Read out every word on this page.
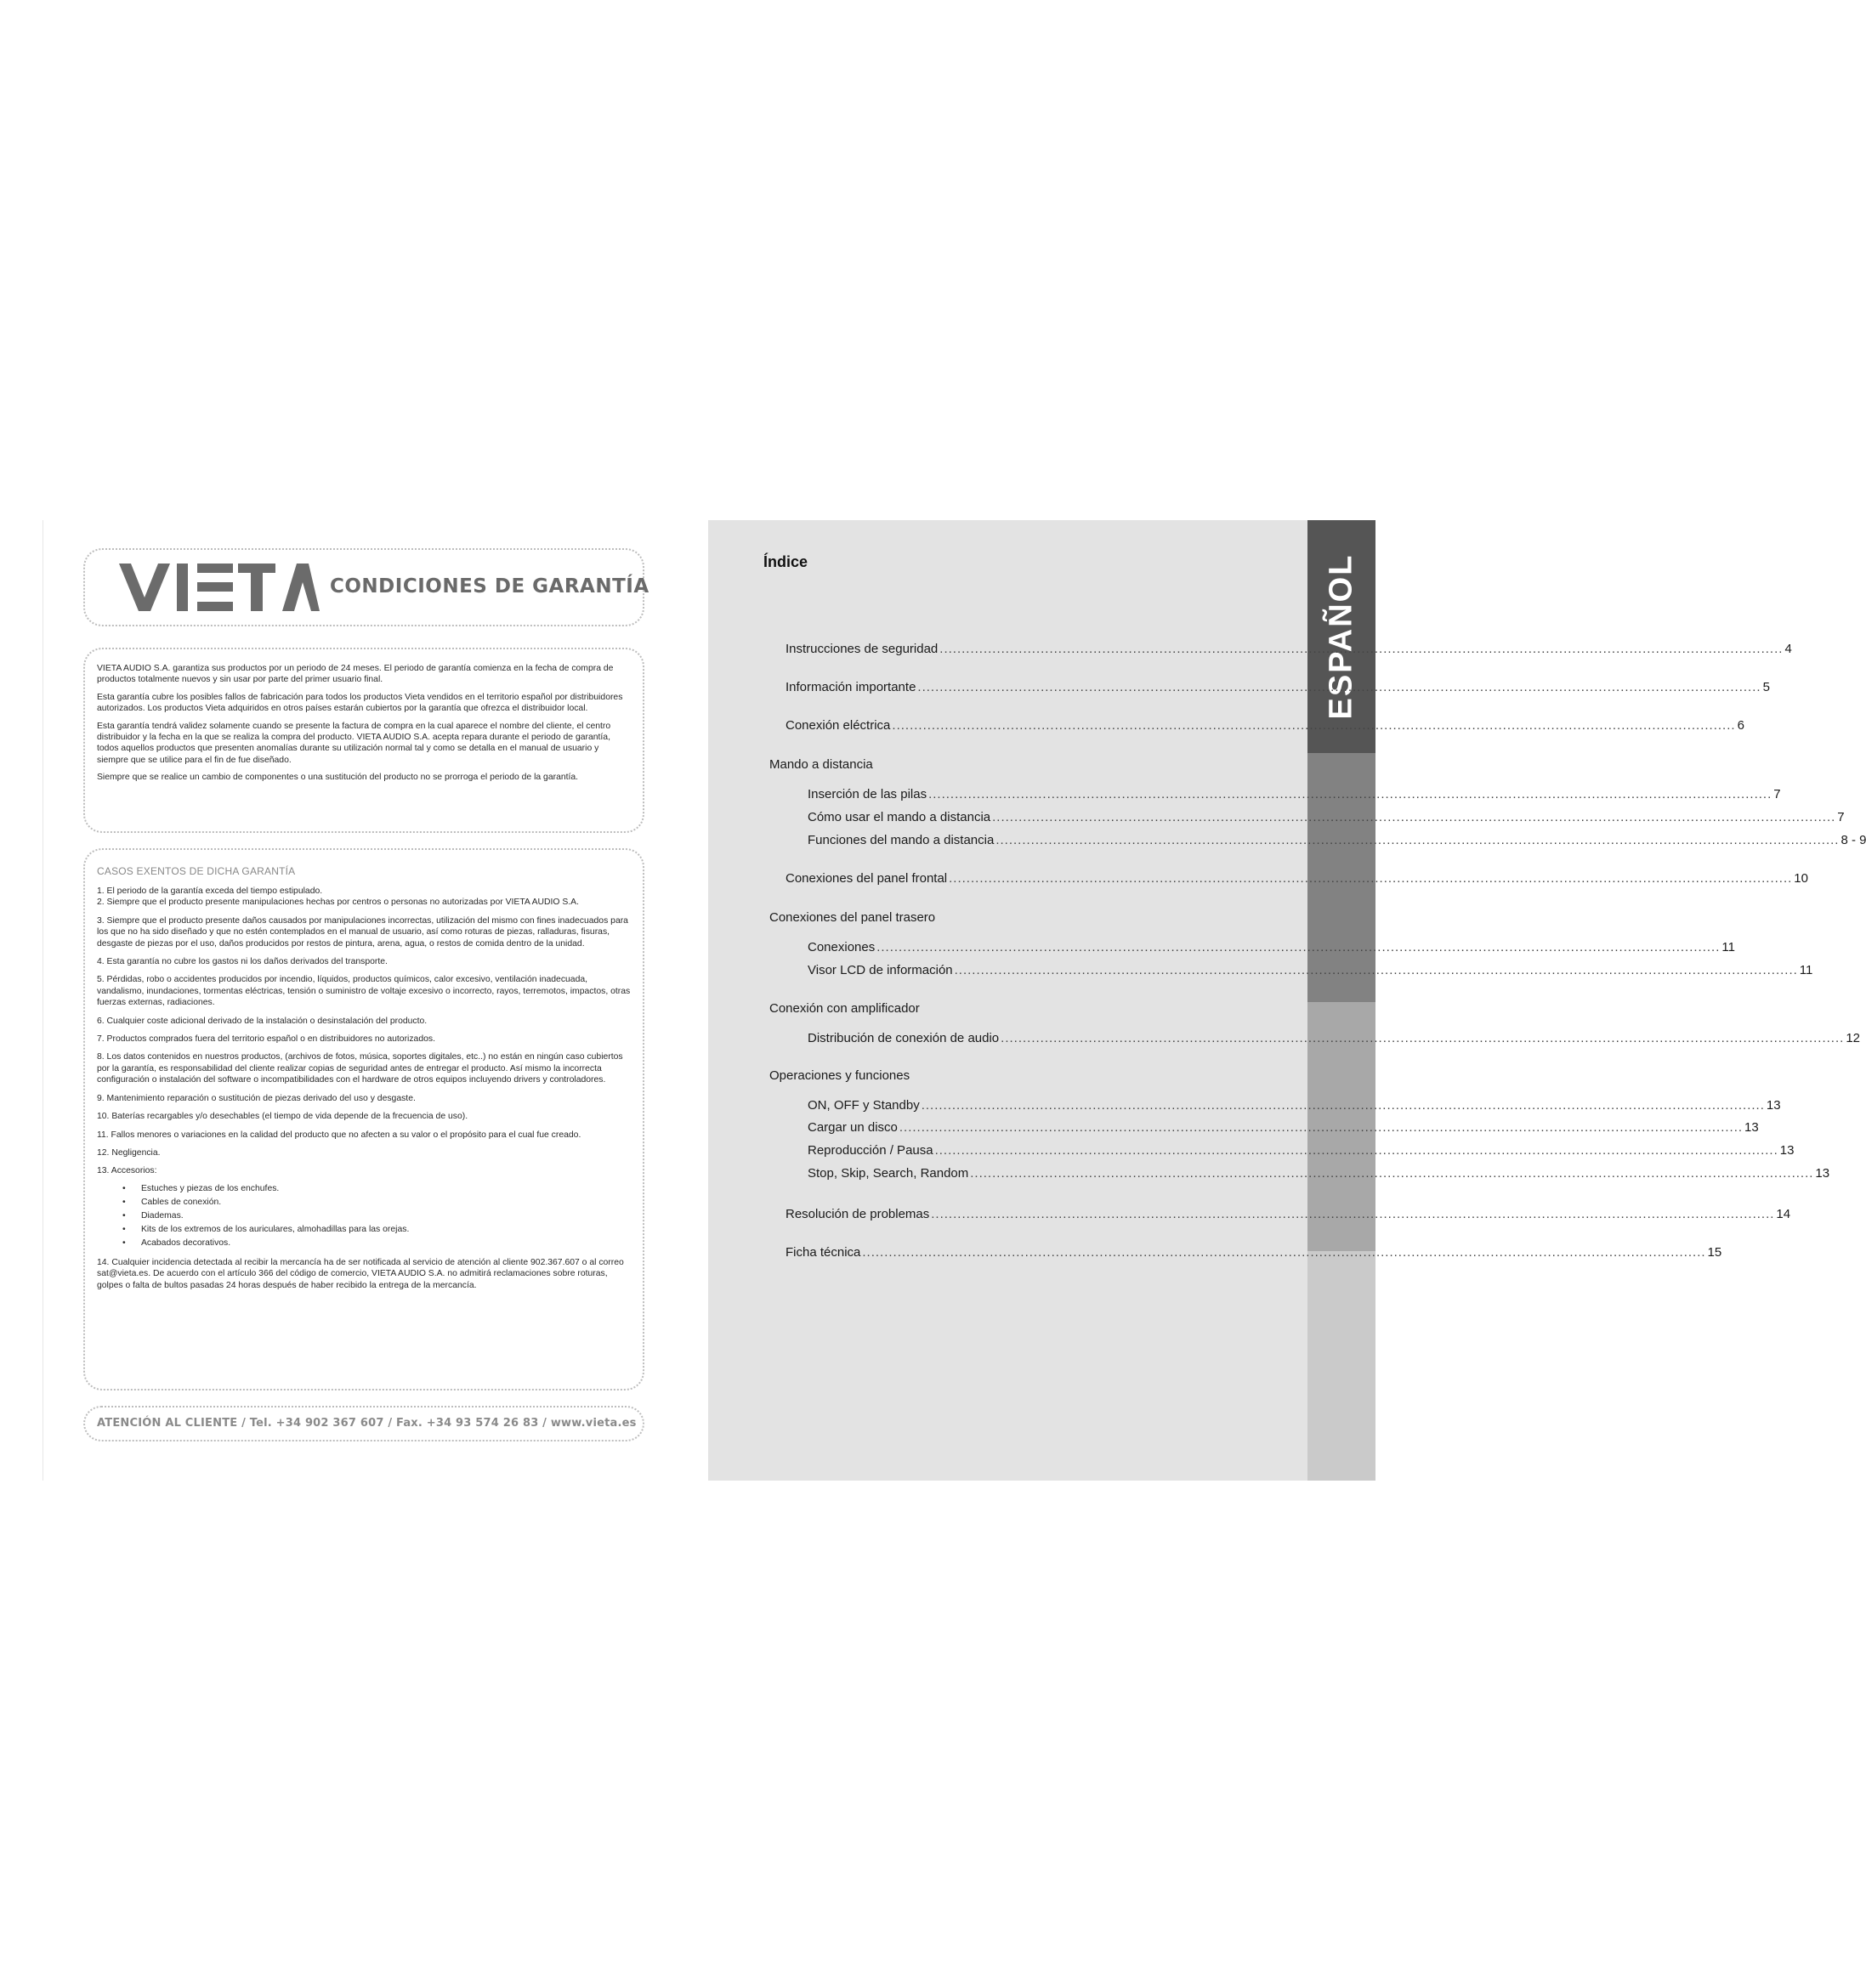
CONDICIONES DE GARANTÍA

VIETA AUDIO S.A. garantiza sus productos por un periodo de 24 meses. El periodo de garantía comienza en la fecha de compra de productos totalmente nuevos y sin usar por parte del primer usuario final.

Esta garantía cubre los posibles fallos de fabricación para todos los productos Vieta vendidos en el territorio español por distribuidores autorizados. Los productos Vieta adquiridos en otros países estarán cubiertos por la garantía que ofrezca el distribuidor local.

Esta garantía tendrá validez solamente cuando se presente la factura de compra en la cual aparece el nombre del cliente, el centro distribuidor y la fecha en la que se realiza la compra del producto. VIETA AUDIO S.A. acepta repara durante el periodo de garantía, todos aquellos productos que presenten anomalías durante su utilización normal tal y como se detalla en el manual de usuario y siempre que se utilice para el fin de fue diseñado.

Siempre que se realice un cambio de componentes o una sustitución del producto no se prorroga el periodo de la garantía.

CASOS EXENTOS DE DICHA GARANTÍA

1. El periodo de la garantía exceda del tiempo estipulado.
2. Siempre que el producto presente manipulaciones hechas por centros o personas no autorizadas por VIETA AUDIO S.A.

3. Siempre que el producto presente daños causados por manipulaciones incorrectas, utilización del mismo con fines inadecuados para los que no ha sido diseñado y que no estén contemplados en el manual de usuario, así como roturas de piezas, ralladuras, fisuras, desgaste de piezas por el uso, daños producidos por restos de pintura, arena, agua, o restos de comida dentro de la unidad.

4. Esta garantía no cubre los gastos ni los daños derivados del transporte.

5. Pérdidas, robo o accidentes producidos por incendio, líquidos, productos químicos, calor excesivo, ventilación inadecuada, vandalismo, inundaciones, tormentas eléctricas, tensión o suministro de voltaje excesivo o incorrecto, rayos, terremotos, impactos, otras fuerzas externas, radiaciones.

6. Cualquier coste adicional derivado de la instalación o desinstalación del producto.

7. Productos comprados fuera del territorio español o en distribuidores no autorizados.

8. Los datos contenidos en nuestros productos, (archivos de fotos, música, soportes digitales, etc..) no están en ningún caso cubiertos por la garantía, es responsabilidad del cliente realizar copias de seguridad antes de entregar el producto. Así mismo la incorrecta configuración o instalación del software o incompatibilidades con el hardware de otros equipos incluyendo drivers y controladores.

9. Mantenimiento reparación o sustitución de piezas derivado del uso y desgaste.

10. Baterías recargables y/o desechables (el tiempo de vida depende de la frecuencia de uso).

11. Fallos menores o variaciones en la calidad del producto que no afecten a su valor o el propósito para el cual fue creado.

12. Negligencia.

13. Accesorios:

• Estuches y piezas de los enchufes.
• Cables de conexión.
• Diademas.
• Kits de los extremos de los auriculares, almohadillas para las orejas.
• Acabados decorativos.

14. Cualquier incidencia detectada al recibir la mercancía ha de ser notificada al servicio de atención al cliente 902.367.607 o al correo sat@vieta.es. De acuerdo con el artículo 366 del código de comercio, VIETA AUDIO S.A. no admitirá reclamaciones sobre roturas, golpes o falta de bultos pasadas 24 horas después de haber recibido la entrega de la mercancía.

ATENCIÓN AL CLIENTE / Tel. +34 902 367 607 / Fax. +34 93 574 26 83 / www.vieta.es
ESPAÑOL
Índice
Instrucciones de seguridad ................................................................................................................................................................................................ 4
Información importante ................................................................................................................................................................................................ 5
Conexión eléctrica ................................................................................................................................................................................................ 6
Mando a distancia
Inserción de las pilas ................................................................................................................................................................................................ 7
Cómo usar el mando a distancia ................................................................................................................................................................................................ 7
Funciones del mando a distancia ................................................................................................................................................................................................ 8 - 9
Conexiones del panel frontal ................................................................................................................................................................................................ 10
Conexiones del panel trasero
Conexiones ................................................................................................................................................................................................ 11
Visor LCD de información ................................................................................................................................................................................................ 11
Conexión con amplificador
Distribución de conexión de audio ................................................................................................................................................................................................ 12
Operaciones y funciones
ON, OFF y Standby ................................................................................................................................................................................................ 13
Cargar un disco ................................................................................................................................................................................................ 13
Reproducción / Pausa ................................................................................................................................................................................................ 13
Stop, Skip, Search, Random ................................................................................................................................................................................................ 13
Resolución de problemas ................................................................................................................................................................................................ 14
Ficha técnica ................................................................................................................................................................................................ 15
